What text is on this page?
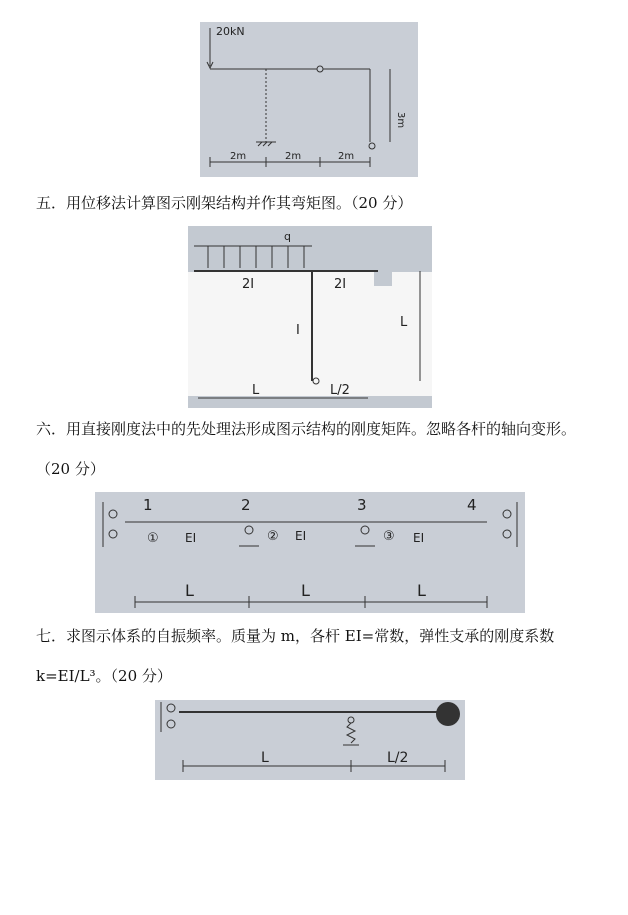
20kN
3m
2m	2m	2m

五．用位移法计算图示刚架结构并作其弯矩图。（20 分）

q
2I	2I
I
L
L	L/2

六．用直接刚度法中的先处理法形成图示结构的刚度矩阵。忽略各杆的轴向变形。（20 分）

1	2	3	4
① EI	② EI	③ EI
L	L	L

七．求图示体系的自振频率。质量为 m，各杆 EI=常数，弹性支承的刚度系数 k=EI/L³。（20 分）

L	L/2
